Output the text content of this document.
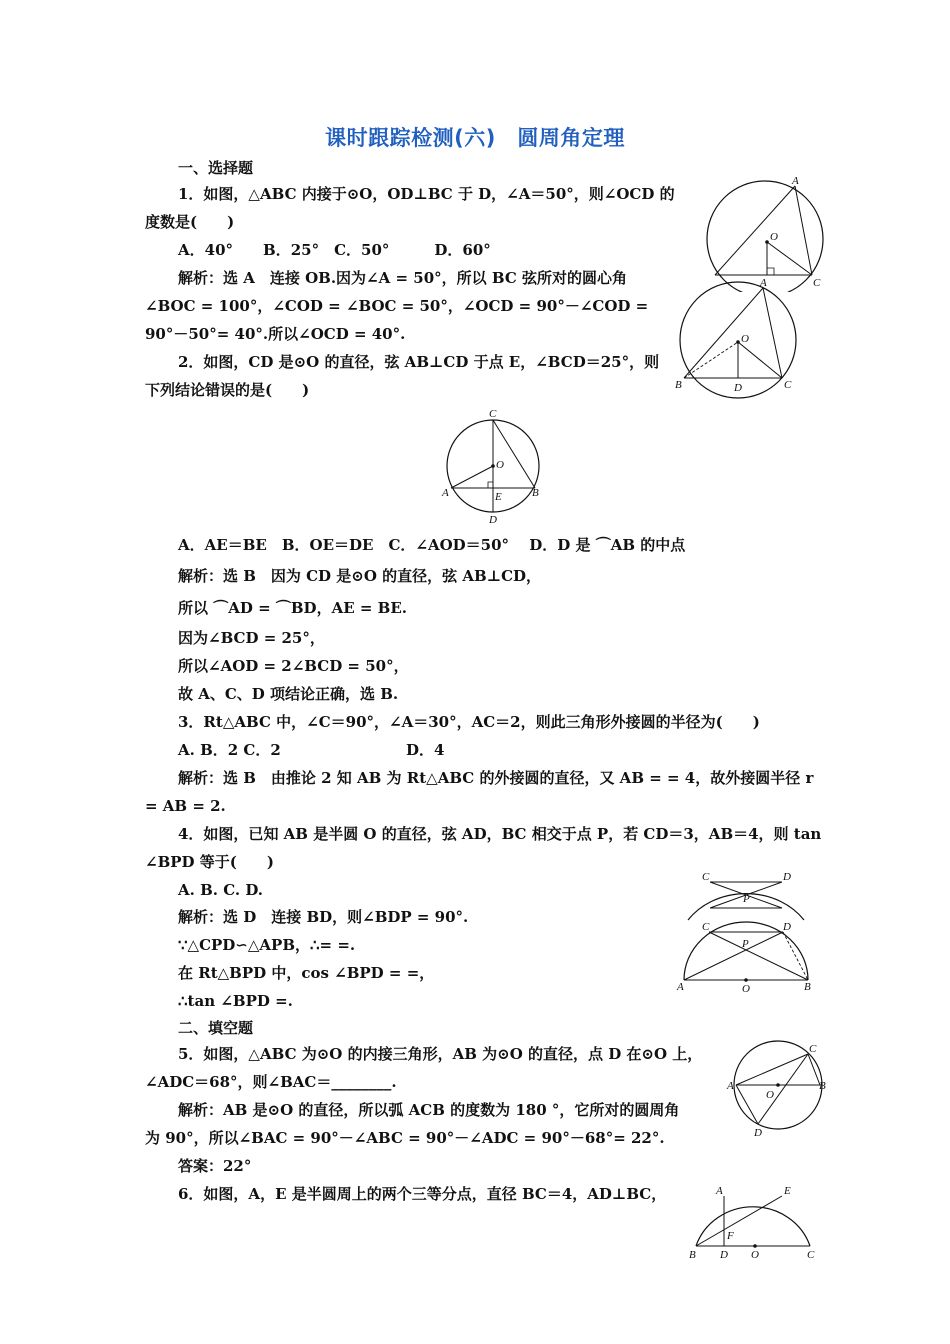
课时跟踪检测(六)　圆周角定理
一、选择题
1．如图，△ABC 内接于⊙O，OD⊥BC 于 D，∠A＝50°，则∠OCD 的
度数是(　　)
A．40°　　B．25°　C．50°　　　D．60°
解析：选 A　连接 OB.因为∠A = 50°，所以 BC 弦所对的圆心角
∠BOC = 100°，∠COD = ∠BOC = 50°，∠OCD = 90°－∠COD =
90°－50°= 40°.所以∠OCD = 40°.
2．如图，CD 是⊙O 的直径，弦 AB⊥CD 于点 E，∠BCD＝25°，则
下列结论错误的是(　　)
A．AE＝BE　B．OE＝DE　C．∠AOD＝50°　 D．D 是 ⌒AB 的中点
解析：选 B　因为 CD 是⊙O 的直径，弦 AB⊥CD，
所以 ⌒AD = ⌒BD，AE = BE.
因为∠BCD = 25°，
所以∠AOD = 2∠BCD = 50°，
故 A、C、D 项结论正确，选 B.
3．Rt△ABC 中，∠C＝90°，∠A＝30°，AC＝2，则此三角形外接圆的半径为(　　)
A. B．2 C．2　　　　　　　　 D．4
解析：选 B　由推论 2 知 AB 为 Rt△ABC 的外接圆的直径，又 AB = = 4，故外接圆半径 r
= AB = 2.
4．如图，已知 AB 是半圆 O 的直径，弦 AD，BC 相交于点 P，若 CD＝3，AB＝4，则 tan
∠BPD 等于(　　)
A. B. C. D.
解析：选 D　连接 BD，则∠BDP = 90°.
∵△CPD∽△APB，∴= =.
在 Rt△BPD 中，cos ∠BPD = =，
∴tan ∠BPD =.
二、填空题
5．如图，△ABC 为⊙O 的内接三角形，AB 为⊙O 的直径，点 D 在⊙O 上，
∠ADC＝68°，则∠BAC＝________.
解析：AB 是⊙O 的直径，所以弧 ACB 的度数为 180 °，它所对的圆周角
为 90°，所以∠BAC = 90°－∠ABC = 90°－∠ADC = 90°－68°= 22°.
答案：22°
6．如图，A，E 是半圆周上的两个三等分点，直径 BC＝4，AD⊥BC，
A
O
C
A
O
B	D	C
C
O
A	E	B
D
C	D
P
C	D
P
A	O	B
C
A	B
O
D
A	E
F
B D O	C
